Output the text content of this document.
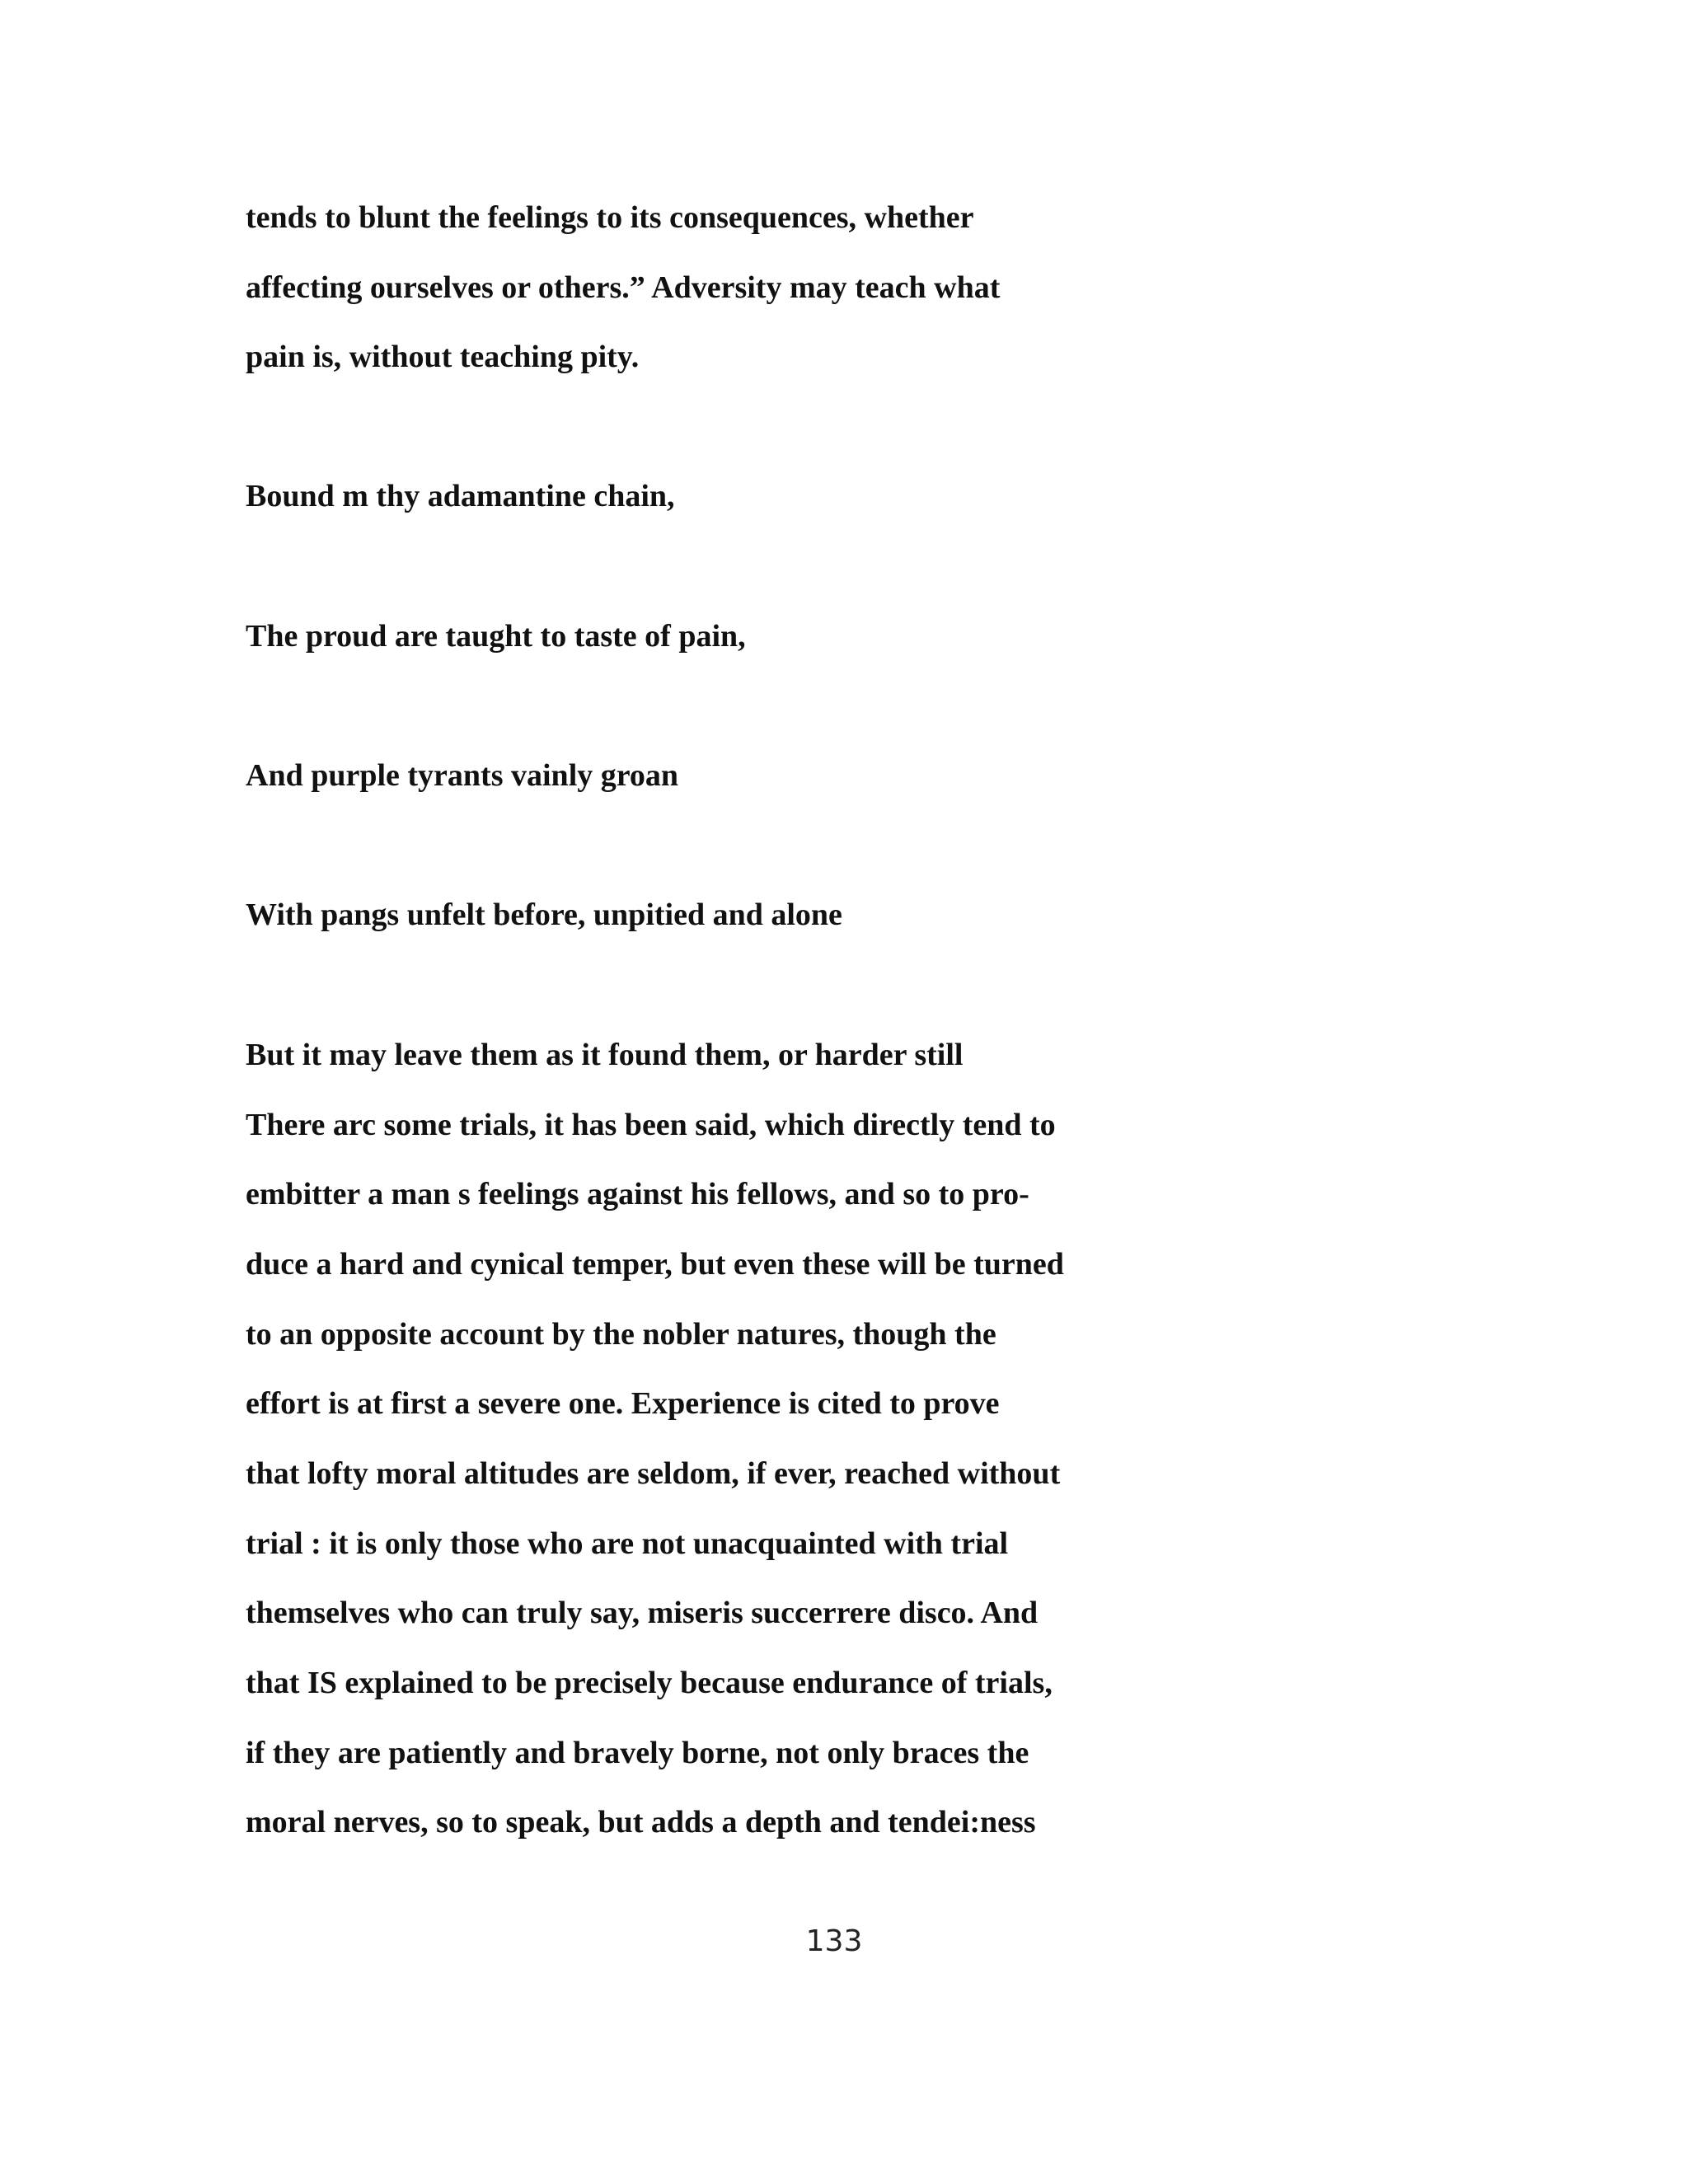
tends to blunt the feelings to its consequences, whether

affecting ourselves or others.” Adversity may teach what

pain is, without teaching pity.

Bound m thy adamantine chain,

The proud are taught to taste of pain,

And purple tyrants vainly groan

With pangs unfelt before, unpitied and alone

But it may leave them as it found them, or harder still

There arc some trials, it has been said, which directly tend to

embitter a man s feelings against his fellows, and so to pro-

duce a hard and cynical temper, but even these will be turned

to an opposite account by the nobler natures, though the

effort is at first a severe one. Experience is cited to prove

that lofty moral altitudes are seldom, if ever, reached without

trial : it is only those who are not unacquainted with trial

themselves who can truly say, miseris succerrere disco. And

that IS explained to be precisely because endurance of trials,

if they are patiently and bravely borne, not only braces the

moral nerves, so to speak, but adds a depth and tendei:ness

133
